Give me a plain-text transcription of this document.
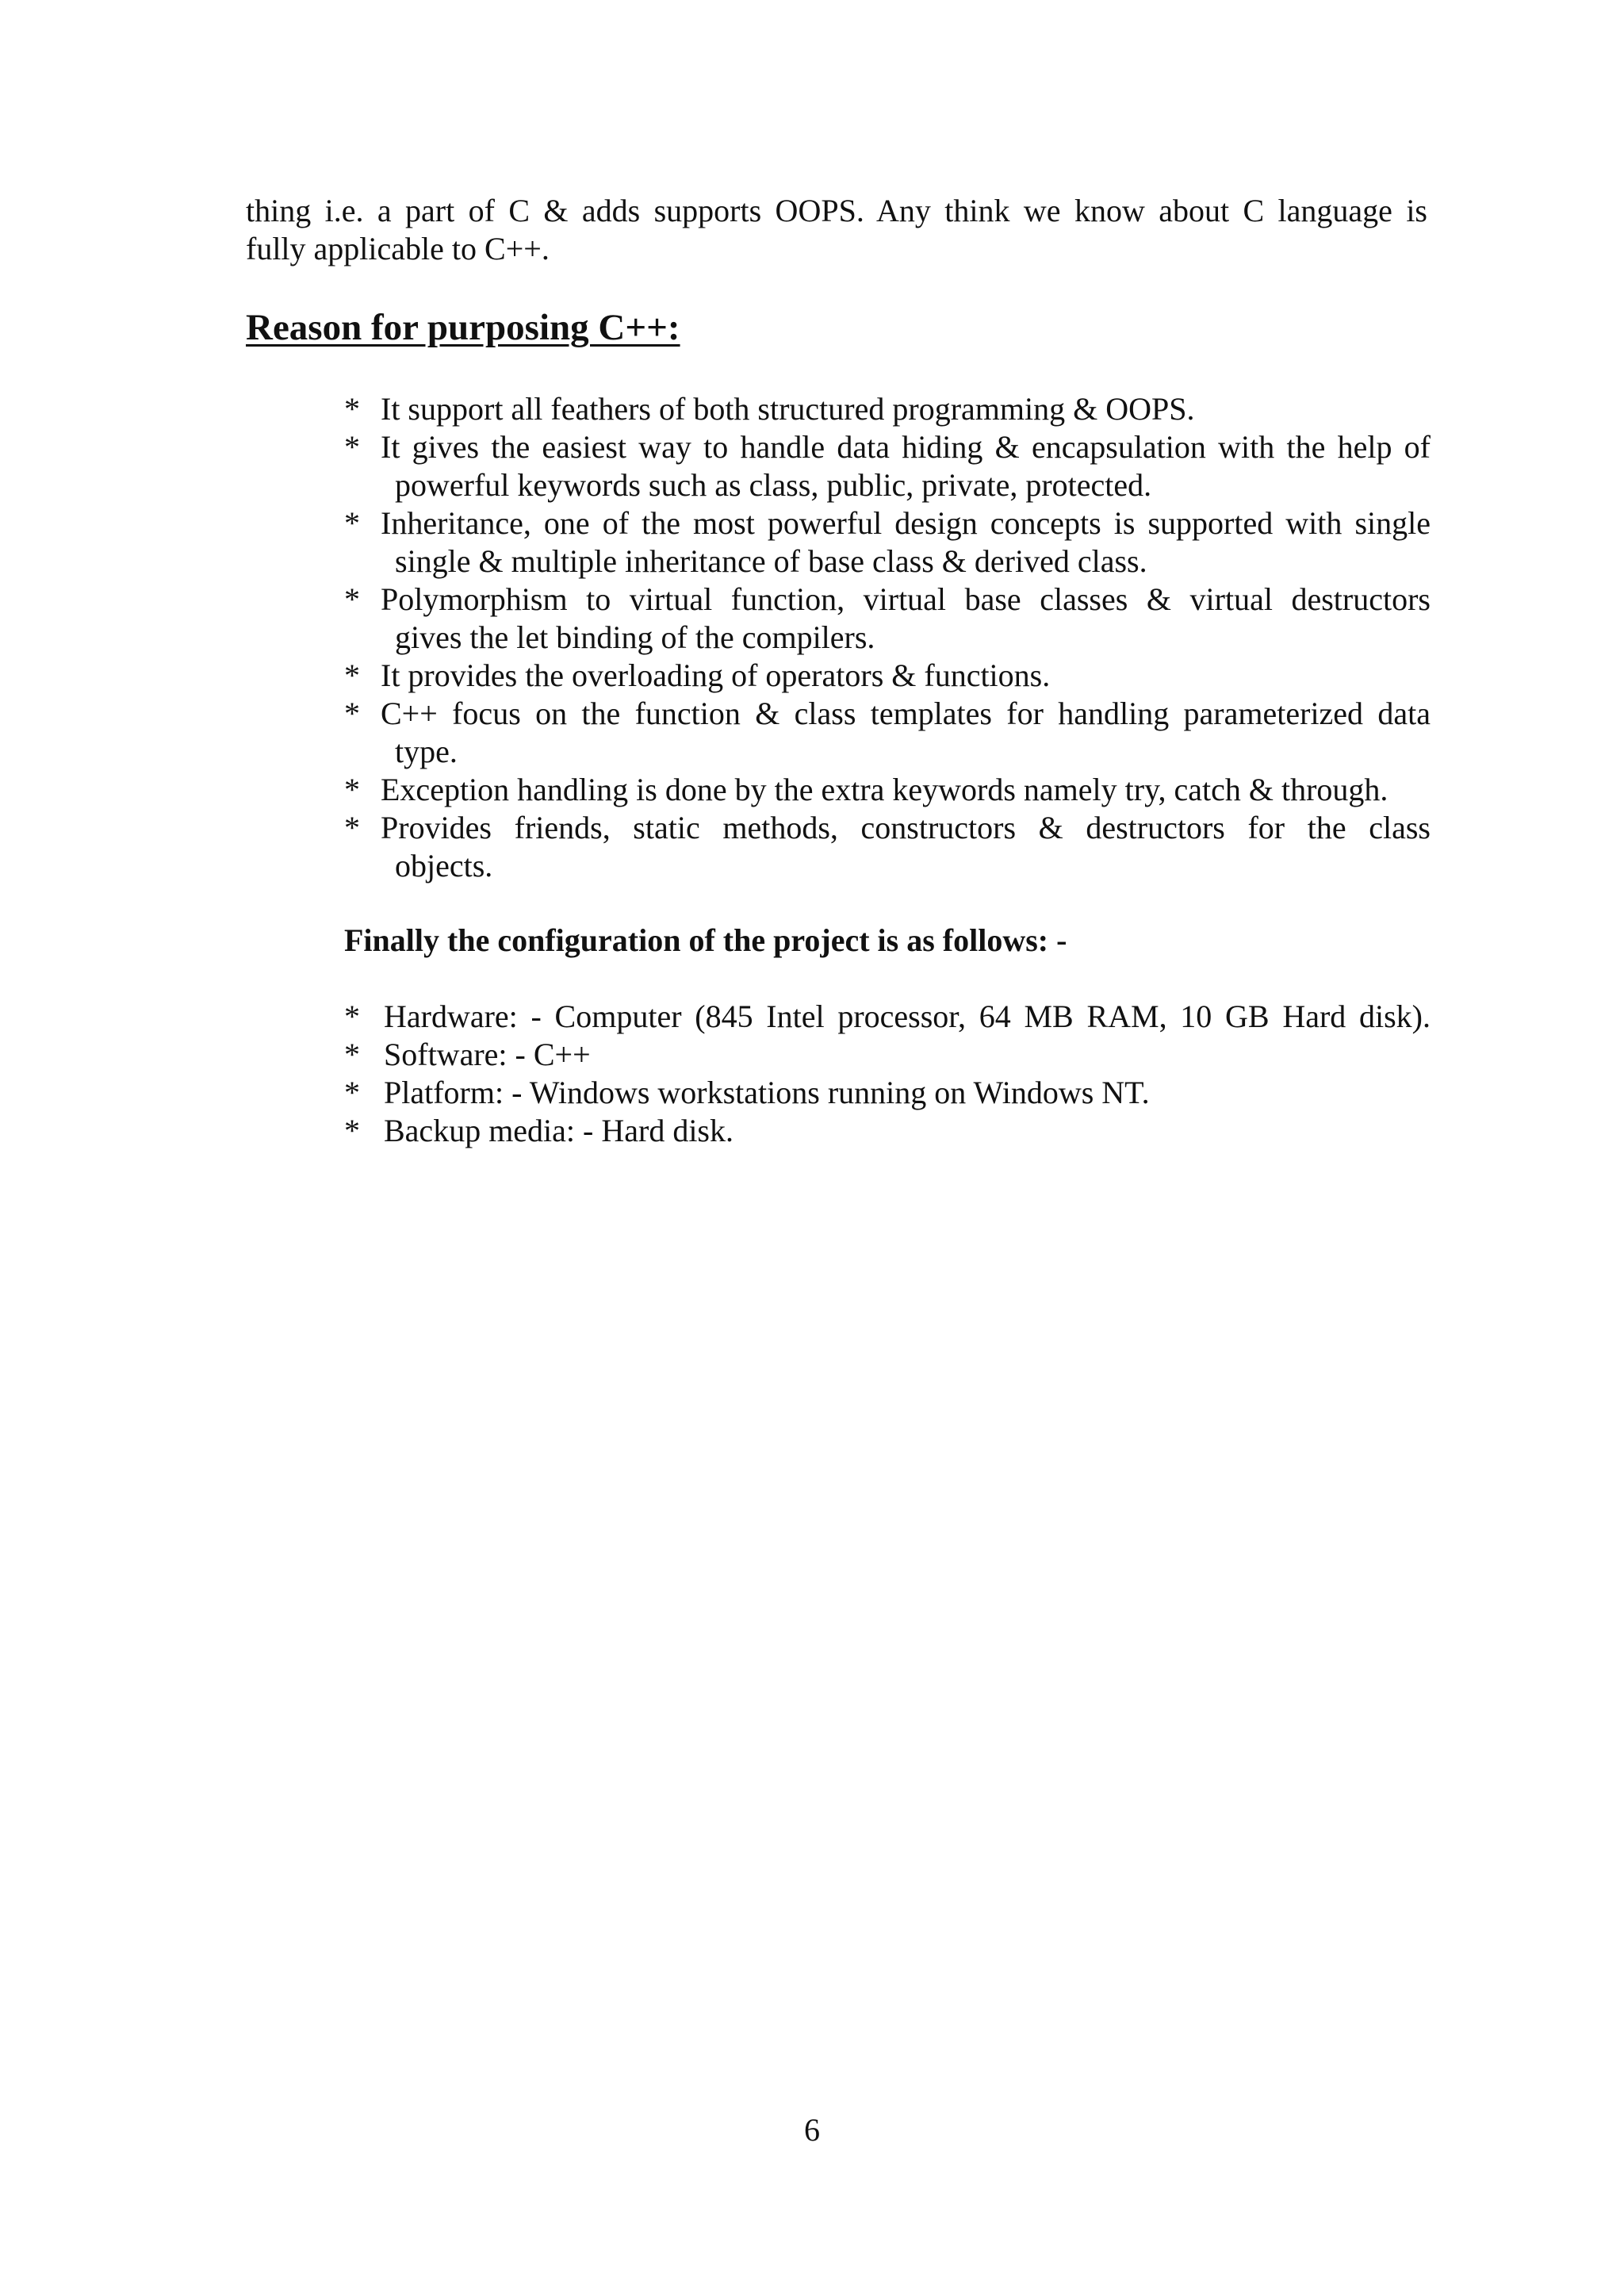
thing i.e. a part of C & adds supports OOPS. Any think we know about C language is

fully applicable to C++.

Reason for purposing C++:
* It support all feathers of both structured programming & OOPS.
* It gives the easiest way to handle data hiding & encapsulation with the help of
powerful keywords such as class, public, private, protected.
* Inheritance, one of the most powerful design concepts is supported with single
single & multiple inheritance of base class & derived class.
* Polymorphism to virtual function, virtual base classes & virtual destructors
gives the let binding of the compilers.
* It provides the overloading of operators & functions.
* C++ focus on the function & class templates for handling parameterized data
type.
* Exception handling is done by the extra keywords namely try, catch & through.
* Provides friends, static methods, constructors & destructors for the class
objects.
Finally the configuration of the project is as follows: -
* Hardware: - Computer (845 Intel processor, 64 MB RAM, 10 GB Hard disk).
* Software: - C++
* Platform: - Windows workstations running on Windows NT.
* Backup media: - Hard disk.
6
